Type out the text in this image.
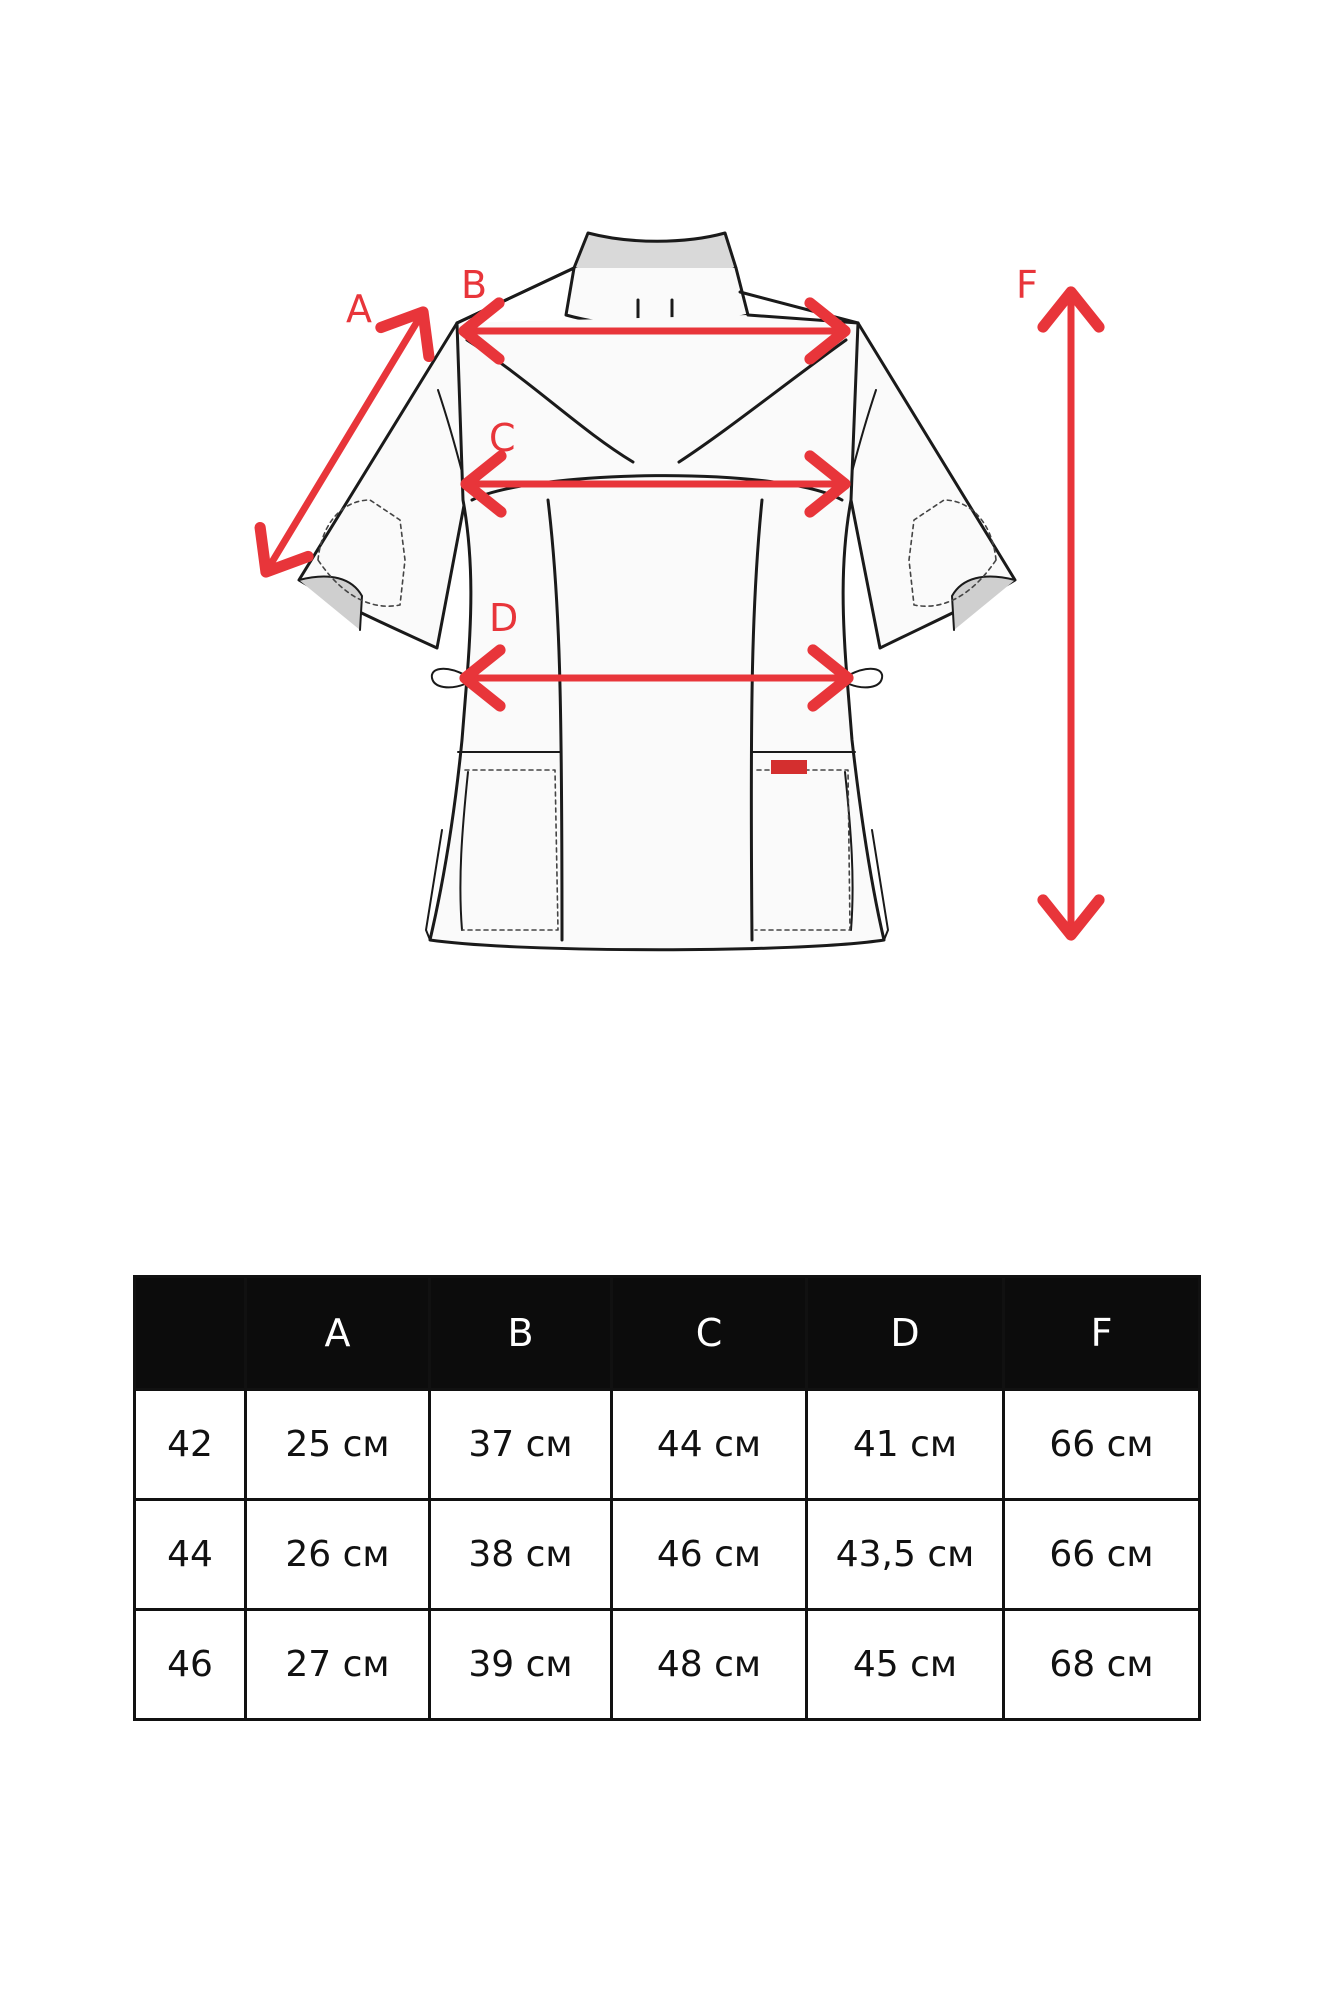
A
B
C
D
F
	A	B	C	D	F
42	25 см	37 см	44 см	41 см	66 см
44	26 см	38 см	46 см	43,5 см	66 см
46	27 см	39 см	48 см	45 см	68 см
